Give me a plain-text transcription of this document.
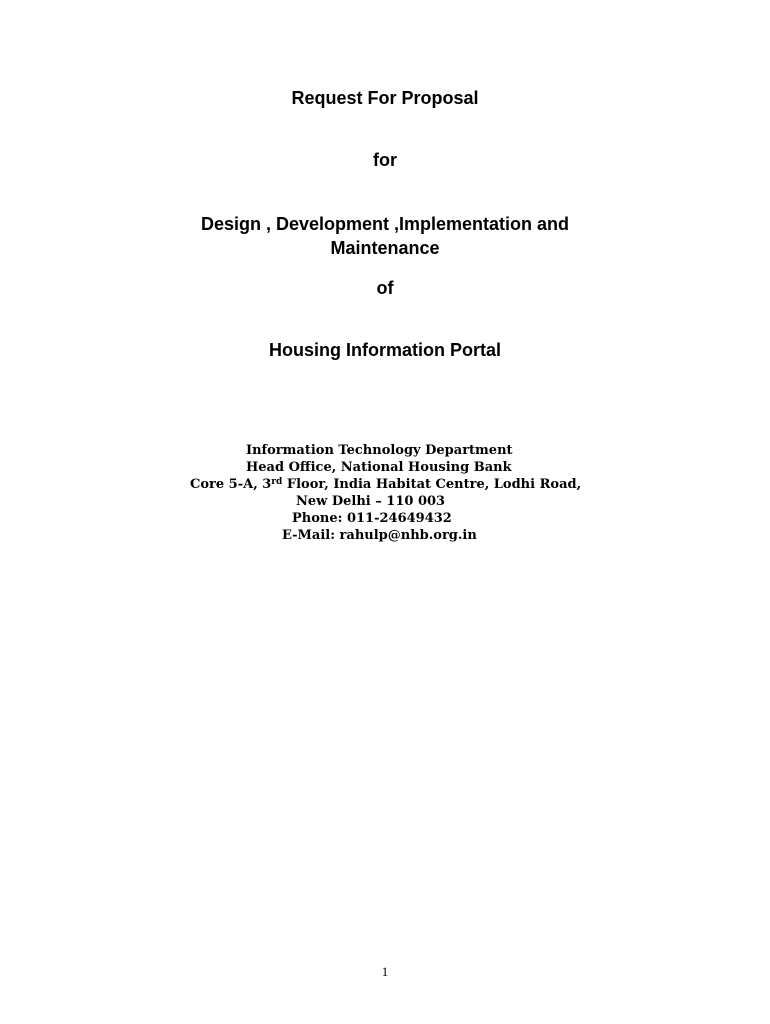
Request For Proposal

for

Design , Development ,Implementation and

Maintenance

of

Housing Information Portal

Information Technology Department
Head Office, National Housing Bank
Core 5-A, 3rd Floor, India Habitat Centre, Lodhi Road,
New Delhi – 110 003
Phone: 011-24649432
E-Mail: rahulp@nhb.org.in
1
